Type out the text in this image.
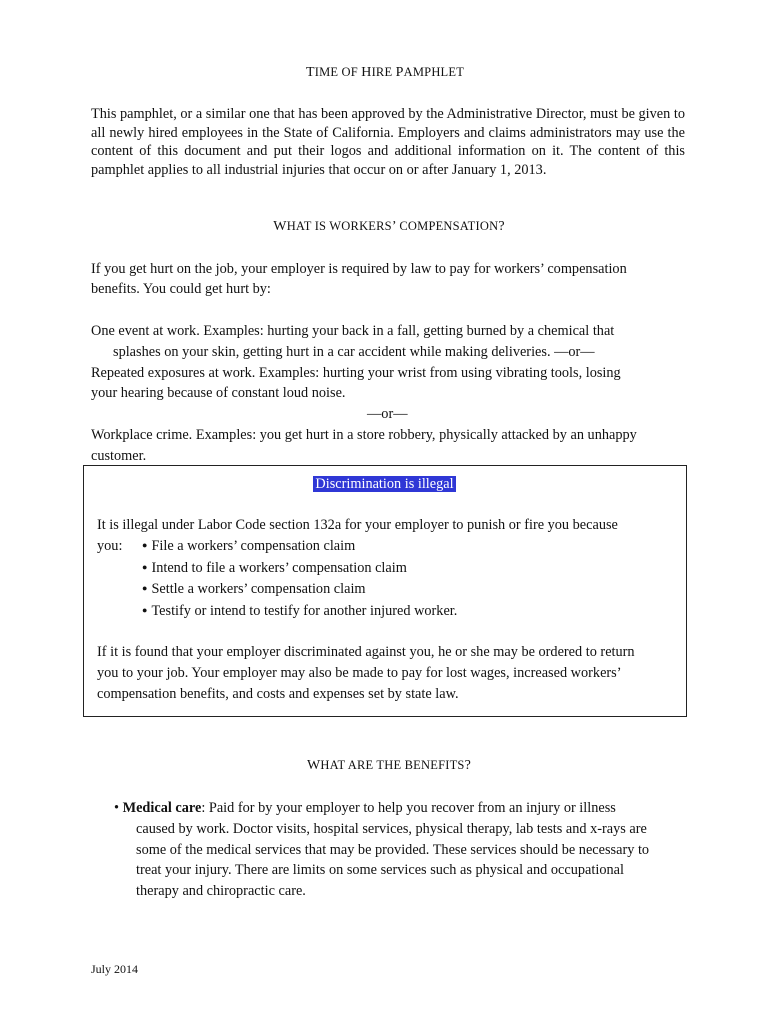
TIME OF HIRE PAMPHLET
This pamphlet, or a similar one that has been approved by the Administrative Director, must be given to all newly hired employees in the State of California. Employers and claims administrators may use the content of this document and put their logos and additional information on it. The content of this pamphlet applies to all industrial injuries that occur on or after January 1, 2013.
WHAT IS WORKERS’ COMPENSATION?
If you get hurt on the job, your employer is required by law to pay for workers’ compensation
benefits. You could get hurt by:
One event at work. Examples: hurting your back in a fall, getting burned by a chemical that
splashes on your skin, getting hurt in a car accident while making deliveries. —or—
Repeated exposures at work. Examples: hurting your wrist from using vibrating tools, losing
your hearing because of constant loud noise.
—or—
Workplace crime. Examples: you get hurt in a store robbery, physically attacked by an unhappy
customer.
Discrimination is illegal
It is illegal under Labor Code section 132a for your employer to punish or fire you because
you:● File a workers’ compensation claim
● Intend to file a workers’ compensation claim
● Settle a workers’ compensation claim
● Testify or intend to testify for another injured worker.
If it is found that your employer discriminated against you, he or she may be ordered to return
you to your job. Your employer may also be made to pay for lost wages, increased workers’
compensation benefits, and costs and expenses set by state law.
WHAT ARE THE BENEFITS?
• Medical care: Paid for by your employer to help you recover from an injury or illness
caused by work. Doctor visits, hospital services, physical therapy, lab tests and x-rays are
some of the medical services that may be provided. These services should be necessary to
treat your injury. There are limits on some services such as physical and occupational
therapy and chiropractic care.
July 2014
